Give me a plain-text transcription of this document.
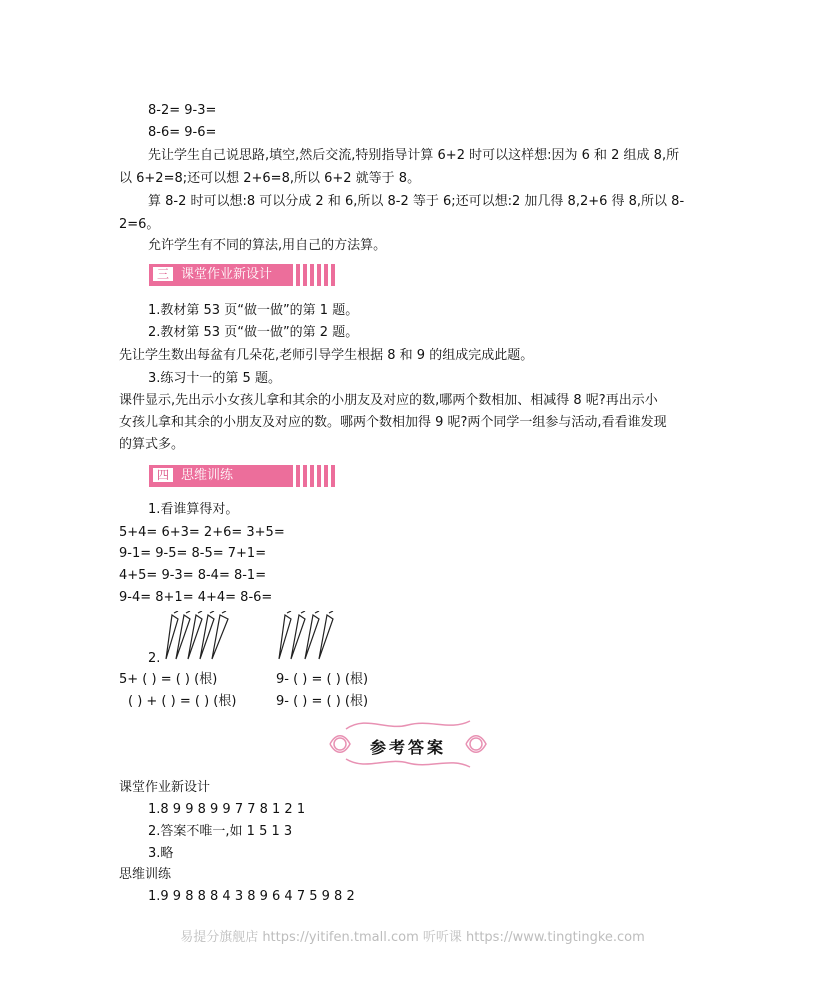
8-2= 9-3=
8-6= 9-6=
先让学生自己说思路,填空,然后交流,特别指导计算 6+2 时可以这样想:因为 6 和 2 组成 8,所
以 6+2=8;还可以想 2+6=8,所以 6+2 就等于 8。
算 8-2 时可以想:8 可以分成 2 和 6,所以 8-2 等于 6;还可以想:2 加几得 8,2+6 得 8,所以 8-
2=6。
允许学生有不同的算法,用自己的方法算。
三 课堂作业新设计
1.教材第 53 页“做一做”的第 1 题。
2.教材第 53 页“做一做”的第 2 题。
先让学生数出每盆有几朵花,老师引导学生根据 8 和 9 的组成完成此题。
3.练习十一的第 5 题。
课件显示,先出示小女孩儿拿和其余的小朋友及对应的数,哪两个数相加、相减得 8 呢?再出示小
女孩儿拿和其余的小朋友及对应的数。哪两个数相加得 9 呢?两个同学一组参与活动,看看谁发现
的算式多。
四 思维训练
1.看谁算得对。
5+4= 6+3= 2+6= 3+5=
9-1= 9-5= 8-5= 7+1=
4+5= 9-3= 8-4= 8-1=
9-4= 8+1= 4+4= 8-6=
2.
5+ ( ) = ( ) (根)	9- ( ) = ( ) (根)
( ) + ( ) = ( ) (根)	9- ( ) = ( ) (根)
参考答案
课堂作业新设计
1.8 9 9 8 9 9 7 7 8 1 2 1
2.答案不唯一,如 1 5 1 3
3.略
思维训练
1.9 9 8 8 8 4 3 8 9 6 4 7 5 9 8 2
易提分旗舰店 https://yitifen.tmall.com 听听课 https://www.tingtingke.com
